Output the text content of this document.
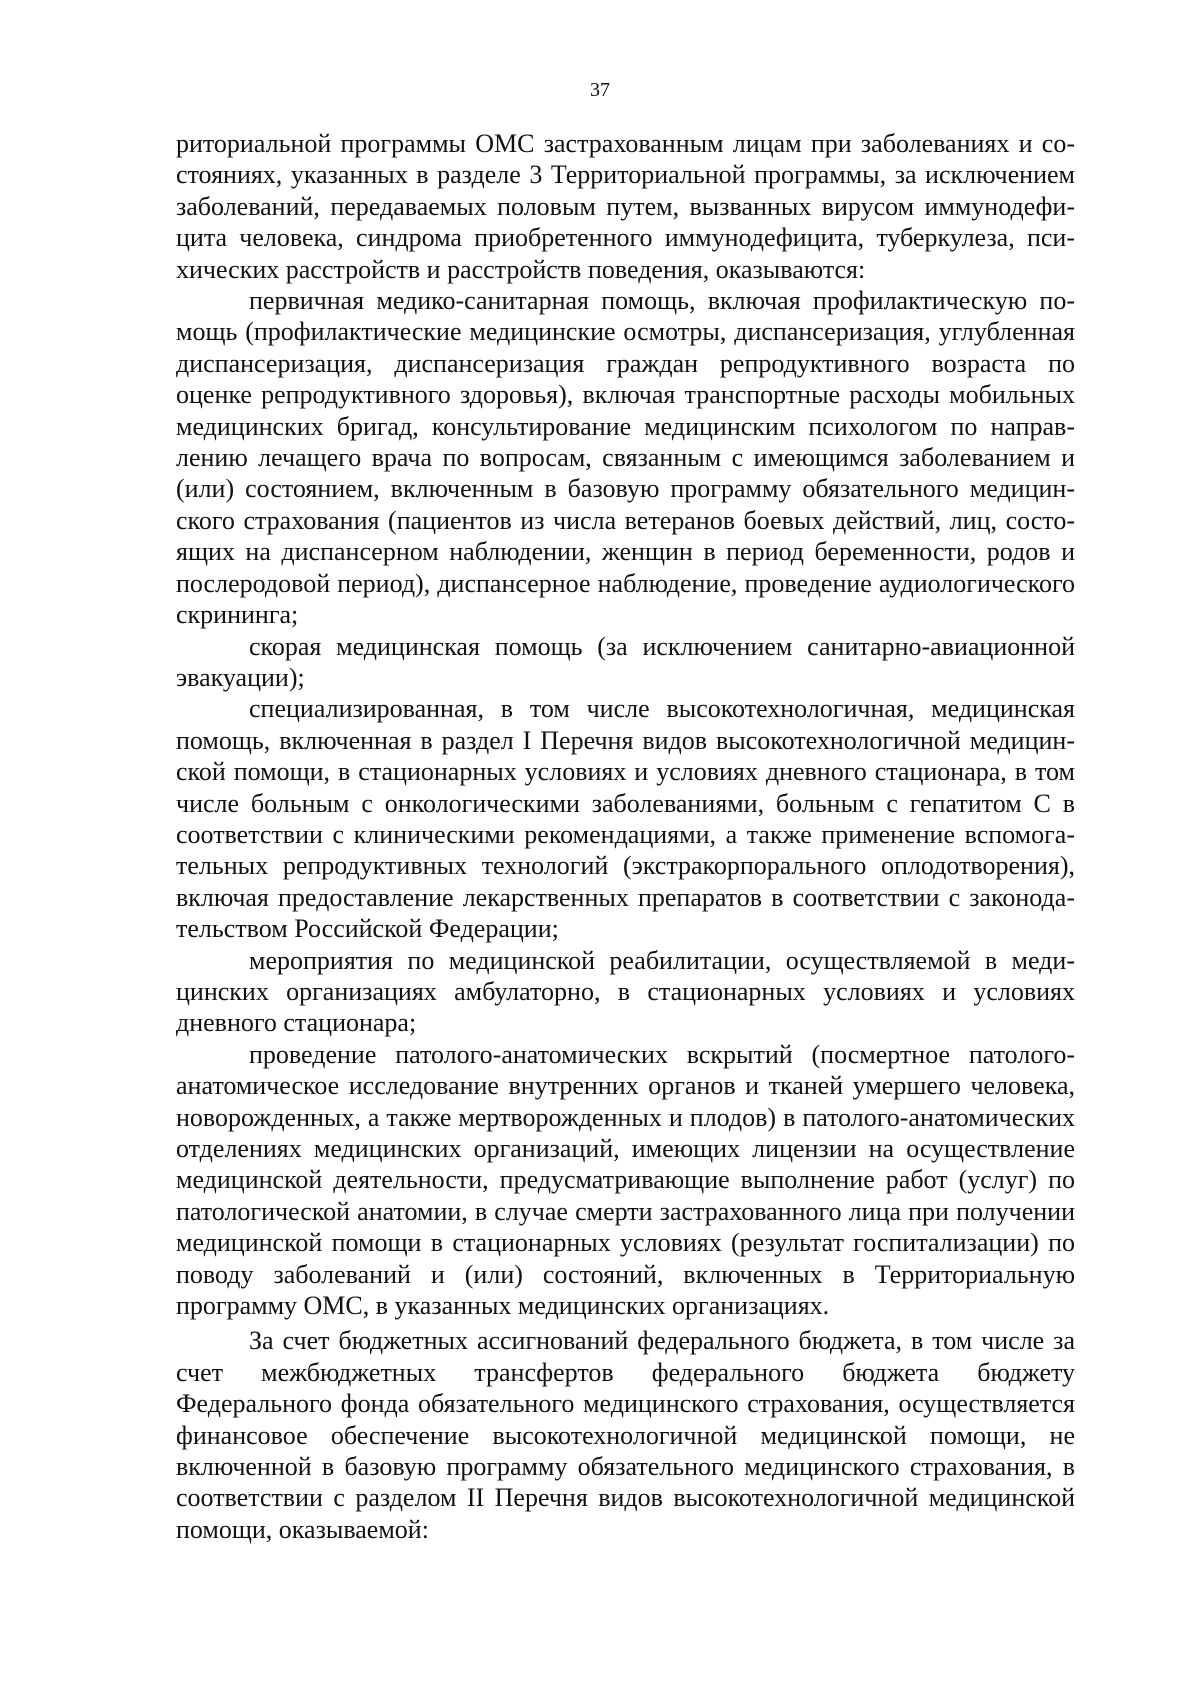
37

риториальной программы ОМС застрахованным лицам при заболеваниях и состояниях, указанных в разделе 3 Территориальной программы, за исключением заболеваний, передаваемых половым путем, вызванных вирусом иммунодефицита человека, синдрома приобретенного иммунодефицита, туберкулеза, психических расстройств и расстройств поведения, оказываются:

первичная медико-санитарная помощь, включая профилактическую помощь (профилактические медицинские осмотры, диспансеризация, углубленная диспансеризация, диспансеризация граждан репродуктивного возраста по оценке репродуктивного здоровья), включая транспортные расходы мобильных медицинских бригад, консультирование медицинским психологом по направлению лечащего врача по вопросам, связанным с имеющимся заболеванием и (или) состоянием, включенным в базовую программу обязательного медицинского страхования (пациентов из числа ветеранов боевых действий, лиц, состоящих на диспансерном наблюдении, женщин в период беременности, родов и послеродовой период), диспансерное наблюдение, проведение аудиологического скрининга;

скорая медицинская помощь (за исключением санитарно-авиационной эвакуации);

специализированная, в том числе высокотехнологичная, медицинская помощь, включенная в раздел I Перечня видов высокотехнологичной медицинской помощи, в стационарных условиях и условиях дневного стационара, в том числе больным с онкологическими заболеваниями, больным с гепатитом С в соответствии с клиническими рекомендациями, а также применение вспомогательных репродуктивных технологий (экстракорпорального оплодотворения), включая предоставление лекарственных препаратов в соответствии с законодательством Российской Федерации;

мероприятия по медицинской реабилитации, осуществляемой в медицинских организациях амбулаторно, в стационарных условиях и условиях дневного стационара;

проведение патолого-анатомических вскрытий (посмертное патолого-анатомическое исследование внутренних органов и тканей умершего человека, новорожденных, а также мертворожденных и плодов) в патолого-анатомических отделениях медицинских организаций, имеющих лицензии на осуществление медицинской деятельности, предусматривающие выполнение работ (услуг) по патологической анатомии, в случае смерти застрахованного лица при получении медицинской помощи в стационарных условиях (результат госпитализации) по поводу заболеваний и (или) состояний, включенных в Территориальную программу ОМС, в указанных медицинских организациях.

За счет бюджетных ассигнований федерального бюджета, в том числе за счет межбюджетных трансфертов федерального бюджета бюджету Федерального фонда обязательного медицинского страхования, осуществляется финансовое обеспечение высокотехнологичной медицинской помощи, не включенной в базовую программу обязательного медицинского страхования, в соответствии с разделом II Перечня видов высокотехнологичной медицинской помощи, оказываемой:
